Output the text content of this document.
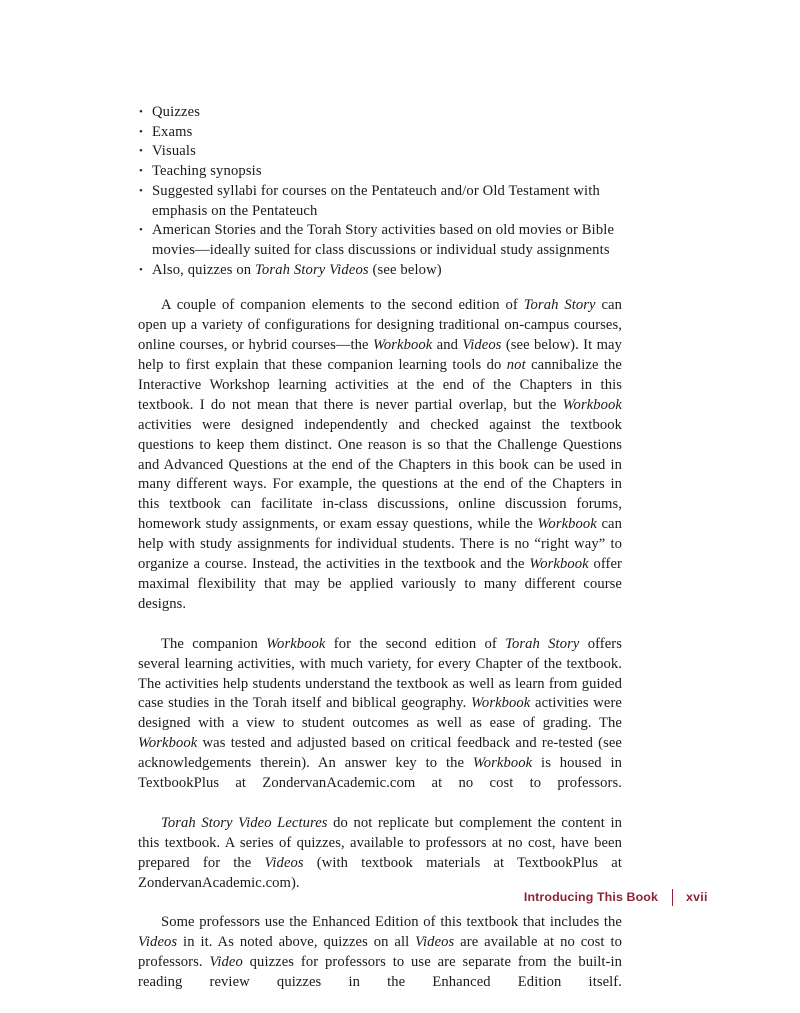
• Quizzes
• Exams
• Visuals
• Teaching synopsis
• Suggested syllabi for courses on the Pentateuch and/or Old Testament with emphasis on the Pentateuch
• American Stories and the Torah Story activities based on old movies or Bible movies—ideally suited for class discussions or individual study assignments
• Also, quizzes on Torah Story Videos (see below)

A couple of companion elements to the second edition of Torah Story can open up a variety of configurations for designing traditional on-campus courses, online courses, or hybrid courses—the Workbook and Videos (see below). It may help to first explain that these companion learning tools do not cannibalize the Interactive Workshop learning activities at the end of the Chapters in this textbook. I do not mean that there is never partial overlap, but the Workbook activities were designed independently and checked against the textbook questions to keep them distinct. One reason is so that the Challenge Questions and Advanced Questions at the end of the Chapters in this book can be used in many different ways. For example, the questions at the end of the Chapters in this textbook can facilitate in-class discussions, online discussion forums, homework study assignments, or exam essay questions, while the Workbook can help with study assignments for individual students. There is no “right way” to organize a course. Instead, the activities in the textbook and the Workbook offer maximal flexibility that may be applied variously to many different course designs.

The companion Workbook for the second edition of Torah Story offers several learning activities, with much variety, for every Chapter of the textbook. The activities help students understand the textbook as well as learn from guided case studies in the Torah itself and biblical geography. Workbook activities were designed with a view to student outcomes as well as ease of grading. The Workbook was tested and adjusted based on critical feedback and re-tested (see acknowledgements therein). An answer key to the Workbook is housed in TextbookPlus at ZondervanAcademic.com at no cost to professors.

Torah Story Video Lectures do not replicate but complement the content in this textbook. A series of quizzes, available to professors at no cost, have been prepared for the Videos (with textbook materials at TextbookPlus at ZondervanAcademic.com).

Some professors use the Enhanced Edition of this textbook that includes the Videos in it. As noted above, quizzes on all Videos are available at no cost to professors. Video quizzes for professors to use are separate from the built-in reading review quizzes in the Enhanced Edition itself.

Introducing This Book xvii
